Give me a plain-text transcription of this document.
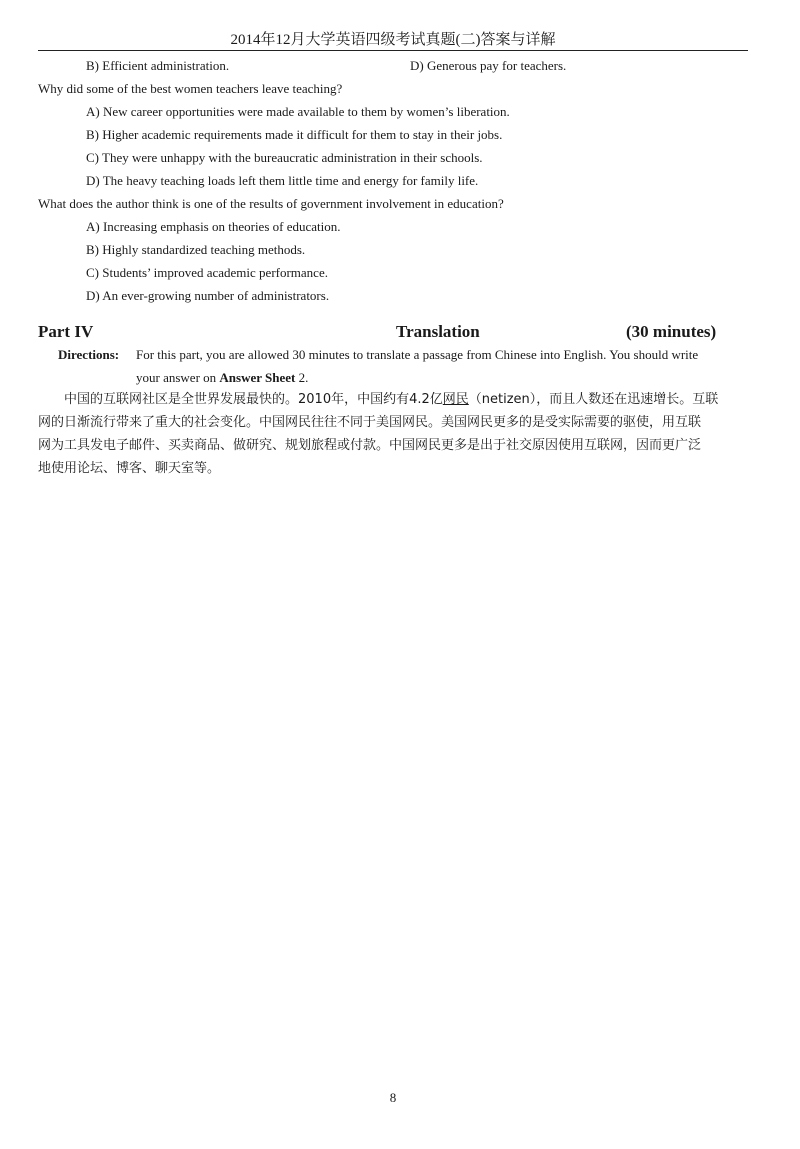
2014年12月大学英语四级考试真题(二)答案与详解
B) Efficient administration.	D) Generous pay for teachers.
Why did some of the best women teachers leave teaching?
A) New career opportunities were made available to them by women’s liberation.
B) Higher academic requirements made it difficult for them to stay in their jobs.
C) They were unhappy with the bureaucratic administration in their schools.
D) The heavy teaching loads left them little time and energy for family life.
What does the author think is one of the results of government involvement in education?
A) Increasing emphasis on theories of education.
B) Highly standardized teaching methods.
C) Students’ improved academic performance.
D) An ever-growing number of administrators.
Part IV	Translation	(30 minutes)
Directions: For this part, you are allowed 30 minutes to translate a passage from Chinese into English. You should write
your answer on Answer Sheet 2.
中国的互联网社区是全世界发展最快的。2010年，中国约有4.2亿网民（netizen），而且人数还在迅速增长。互联
网的日渐流行带来了重大的社会变化。中国网民往往不同于美国网民。美国网民更多的是受实际需要的驱使，用互联
网为工具发电子邮件、买卖商品、做研究、规划旅程或付款。中国网民更多是出于社交原因使用互联网，因而更广泛
地使用论坛、博客、聊天室等。
8
